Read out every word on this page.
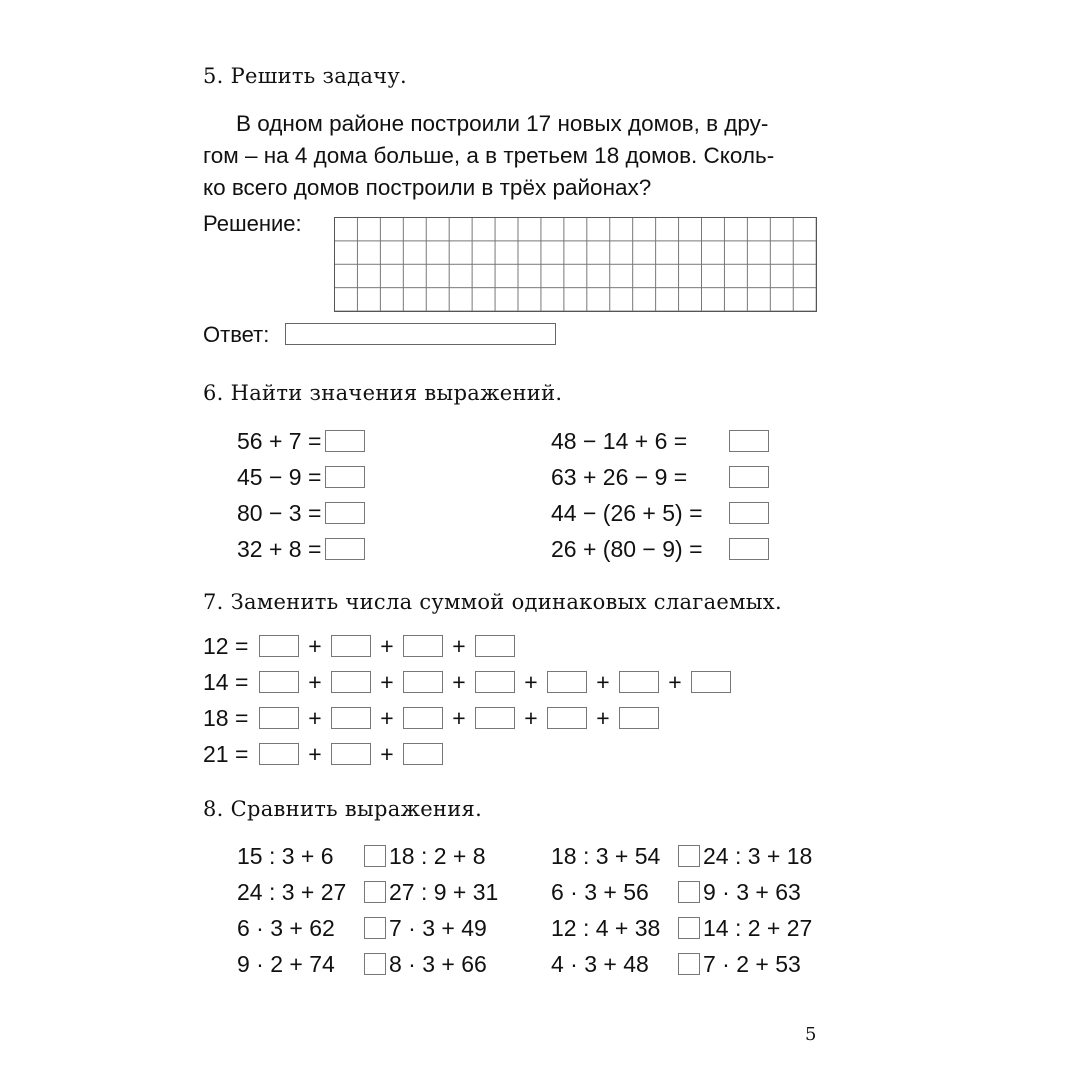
5. Решить задачу.
В одном районе построили 17 новых домов, в дру-
гом – на 4 дома больше, а в третьем 18 домов. Сколь-
ко всего домов построили в трёх районах?
Решение:
Ответ:
6. Найти значения выражений.
56 + 7 =
45 − 9 =
80 − 3 =
32 + 8 =
48 − 14 + 6 =
63 + 26 − 9 =
44 − (26 + 5) =
26 + (80 − 9) =
7. Заменить числа суммой одинаковых слагаемых.
12 =	+	+	+
14 =	+	+	+	+	+	+
18 =	+	+	+	+	+
21 =	+	+
8. Сравнить выражения.
15 : 3 + 6	18 : 2 + 8
24 : 3 + 27	27 : 9 + 31
6 · 3 + 62	7 · 3 + 49
9 · 2 + 74	8 · 3 + 66
18 : 3 + 54	24 : 3 + 18
6 · 3 + 56	9 · 3 + 63
12 : 4 + 38	14 : 2 + 27
4 · 3 + 48	7 · 2 + 53
5
